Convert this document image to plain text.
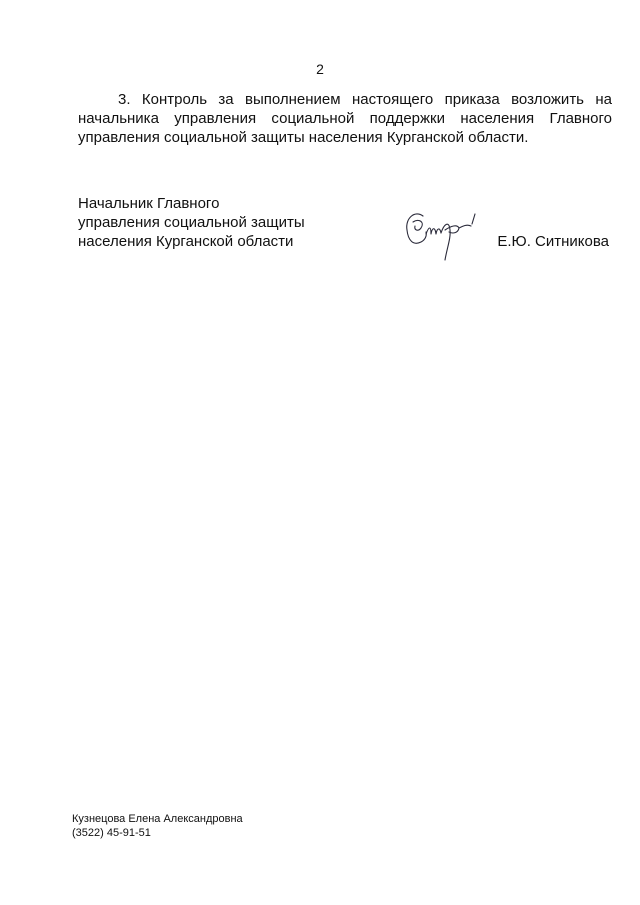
2

3. Контроль за выполнением настоящего приказа возложить на начальника управления социальной поддержки населения Главного управления социальной защиты населения Курганской области.

Начальник Главного
управления социальной защиты
населения Курганской области	Е.Ю. Ситникова
Кузнецова Елена Александровна
(3522) 45-91-51
